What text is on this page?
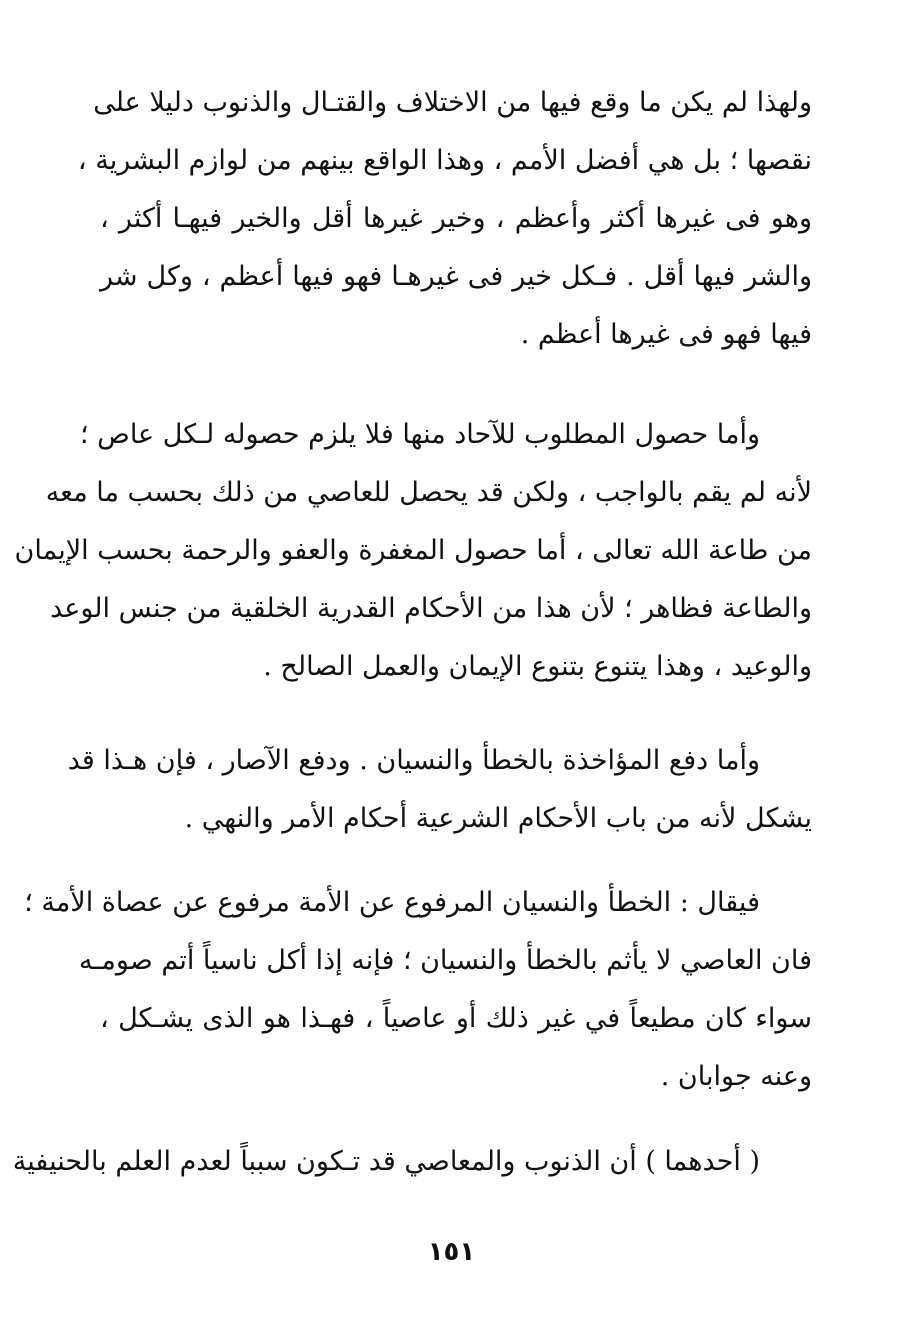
ولهذا لم يكن ما وقع فيها من الاختلاف والقتـال والذنوب دليلا على
نقصها ؛ بل هي أفضل الأمم ، وهذا الواقع بينهم من لوازم البشرية ،
وهو فى غيرها أكثر وأعظم ، وخير غيرها أقل والخير فيهـا أكثر ،
والشر فيها أقل . فـكل خير فى غيرهـا فهو فيها أعظم ، وكل شر
فيها فهو فى غيرها أعظم .
وأما حصول المطلوب للآحاد منها فلا يلزم حصوله لـكل عاص ؛
لأنه لم يقم بالواجب ، ولكن قد يحصل للعاصي من ذلك بحسب ما معه
من طاعة الله تعالى ، أما حصول المغفرة والعفو والرحمة بحسب الإيمان
والطاعة فظاهر ؛ لأن هذا من الأحكام القدرية الخلقية من جنس الوعد
والوعيد ، وهذا يتنوع بتنوع الإيمان والعمل الصالح .
وأما دفع المؤاخذة بالخطأ والنسيان . ودفع الآصار ، فإن هـذا قد
يشكل لأنه من باب الأحكام الشرعية أحكام الأمر والنهي .
فيقال : الخطأ والنسيان المرفوع عن الأمة مرفوع عن عصاة الأمة ؛
فان العاصي لا يأثم بالخطأ والنسيان ؛ فإنه إذا أكل ناسياً أتم صومـه
سواء كان مطيعاً في غير ذلك أو عاصياً ، فهـذا هو الذى يشـكل ،
وعنه جوابان .
( أحدهما ) أن الذنوب والمعاصي قد تـكون سبباً لعدم العلم بالحنيفية
١٥١
